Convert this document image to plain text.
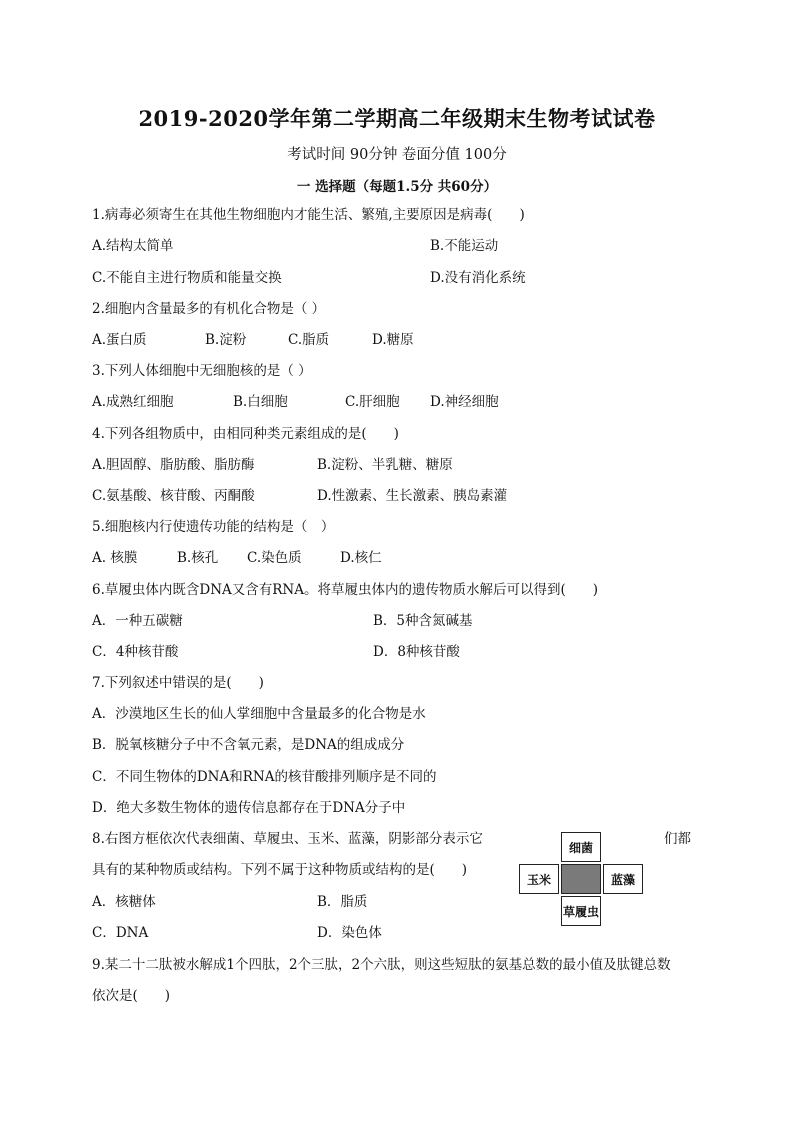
2019-2020学年第二学期高二年级期末生物考试试卷
考试时间 90分钟 卷面分值 100分
一 选择题（每题1.5分 共60分）
1.病毒必须寄生在其他生物细胞内才能生活、繁殖,主要原因是病毒(　　)
A.结构太简单	B.不能运动
C.不能自主进行物质和能量交换	D.没有消化系统
2.细胞内含量最多的有机化合物是（ ）
A.蛋白质	B.淀粉	C.脂质	D.糖原
3.下列人体细胞中无细胞核的是（ ）
A.成熟红细胞	B.白细胞	C.肝细胞 D.神经细胞
4.下列各组物质中，由相同种类元素组成的是(　　)
A.胆固醇、脂肪酸、脂肪酶	B.淀粉、半乳糖、糖原
C.氨基酸、核苷酸、丙酮酸	D.性激素、生长激素、胰岛素灌
5.细胞核内行使遗传功能的结构是（　）
A. 核膜	B.核孔 C.染色质	D.核仁
6.草履虫体内既含DNA又含有RNA。将草履虫体内的遗传物质水解后可以得到(　　)
A．一种五碳糖	B．5种含氮碱基
C．4种核苷酸	D．8种核苷酸
7.下列叙述中错误的是(　　)
A．沙漠地区生长的仙人掌细胞中含量最多的化合物是水
B．脱氧核糖分子中不含氧元素，是DNA的组成成分
C．不同生物体的DNA和RNA的核苷酸排列顺序是不同的
D．绝大多数生物体的遗传信息都存在于DNA分子中
8.右图方框依次代表细菌、草履虫、玉米、蓝藻，阴影部分表示它	们都
具有的某种物质或结构。下列不属于这种物质或结构的是(　　)
A．核糖体	B．脂质
C．DNA	D．染色体
细菌
玉米	蓝藻
草履虫
9.某二十二肽被水解成1个四肽，2个三肽，2个六肽，则这些短肽的氨基总数的最小值及肽键总数
依次是(　　)
